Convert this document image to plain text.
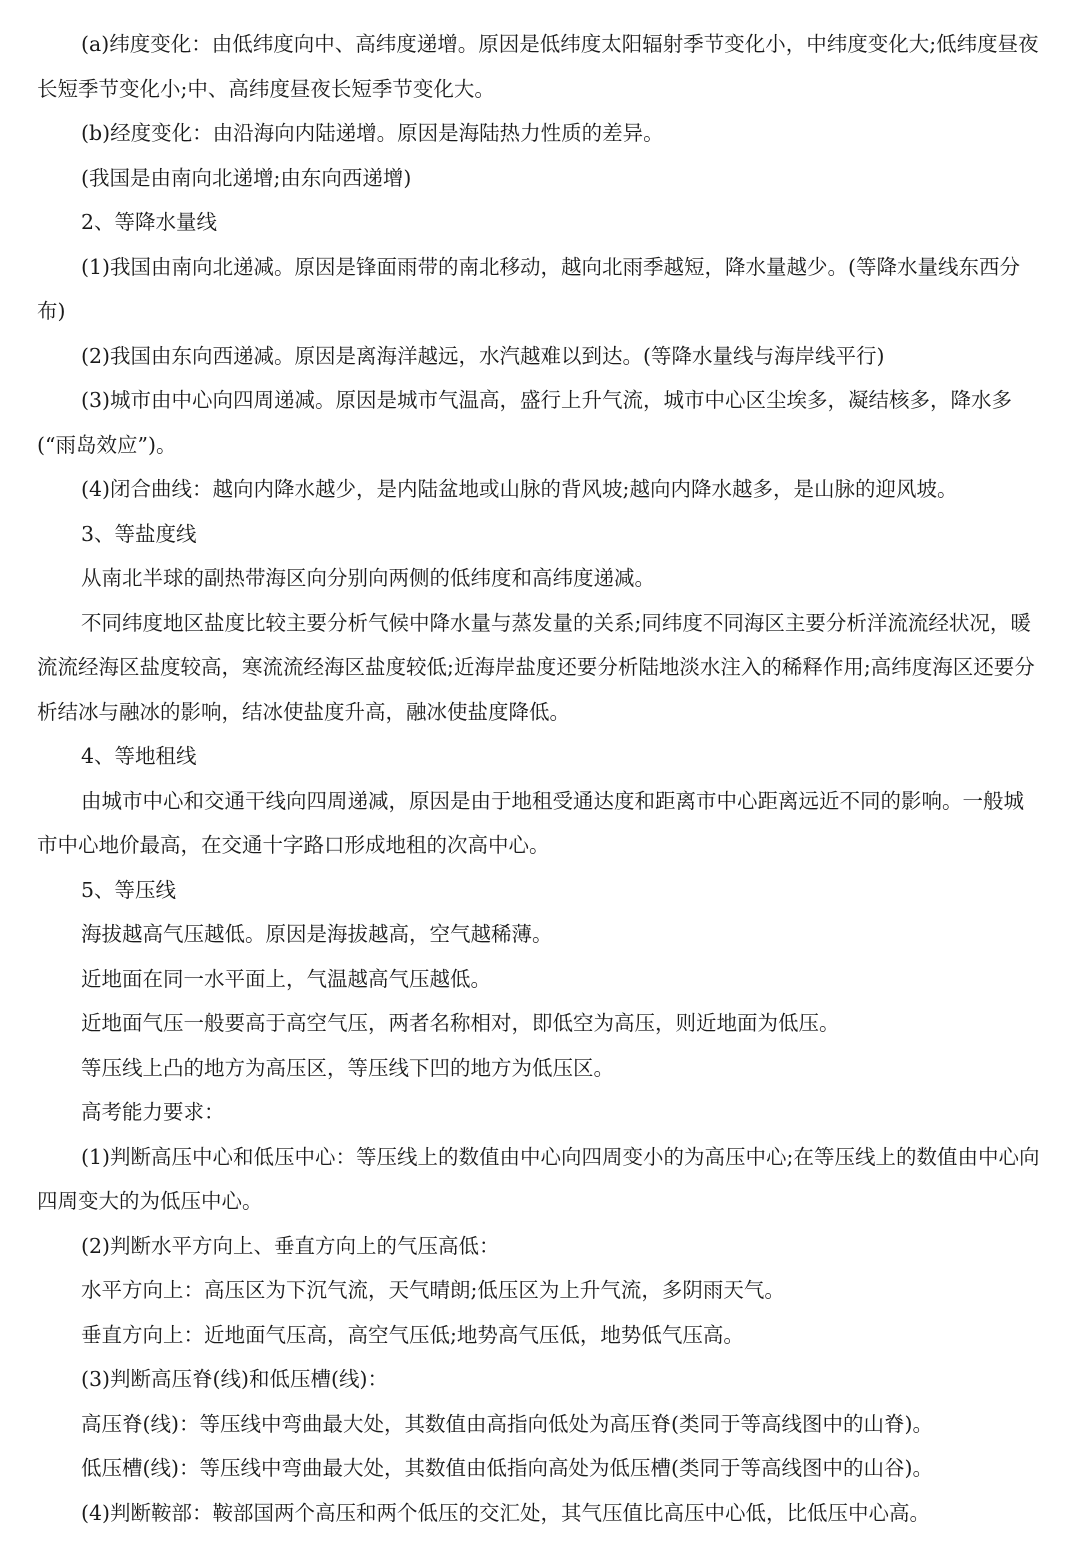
(a)纬度变化：由低纬度向中、高纬度递增。原因是低纬度太阳辐射季节变化小，中纬度变化大;低纬度昼夜长短季节变化小;中、高纬度昼夜长短季节变化大。

(b)经度变化：由沿海向内陆递增。原因是海陆热力性质的差异。

(我国是由南向北递增;由东向西递增)

2、等降水量线

(1)我国由南向北递减。原因是锋面雨带的南北移动，越向北雨季越短，降水量越少。(等降水量线东西分布)

(2)我国由东向西递减。原因是离海洋越远，水汽越难以到达。(等降水量线与海岸线平行)

(3)城市由中心向四周递减。原因是城市气温高，盛行上升气流，城市中心区尘埃多，凝结核多，降水多(“雨岛效应”)。

(4)闭合曲线：越向内降水越少，是内陆盆地或山脉的背风坡;越向内降水越多，是山脉的迎风坡。

3、等盐度线

从南北半球的副热带海区向分别向两侧的低纬度和高纬度递减。

不同纬度地区盐度比较主要分析气候中降水量与蒸发量的关系;同纬度不同海区主要分析洋流流经状况，暖流流经海区盐度较高，寒流流经海区盐度较低;近海岸盐度还要分析陆地淡水注入的稀释作用;高纬度海区还要分析结冰与融冰的影响，结冰使盐度升高，融冰使盐度降低。

4、等地租线

由城市中心和交通干线向四周递减，原因是由于地租受通达度和距离市中心距离远近不同的影响。一般城市中心地价最高，在交通十字路口形成地租的次高中心。

5、等压线

海拔越高气压越低。原因是海拔越高，空气越稀薄。

近地面在同一水平面上，气温越高气压越低。

近地面气压一般要高于高空气压，两者名称相对，即低空为高压，则近地面为低压。

等压线上凸的地方为高压区，等压线下凹的地方为低压区。

高考能力要求：

(1)判断高压中心和低压中心：等压线上的数值由中心向四周变小的为高压中心;在等压线上的数值由中心向四周变大的为低压中心。

(2)判断水平方向上、垂直方向上的气压高低：

水平方向上：高压区为下沉气流，天气晴朗;低压区为上升气流，多阴雨天气。

垂直方向上：近地面气压高，高空气压低;地势高气压低，地势低气压高。

(3)判断高压脊(线)和低压槽(线)：

高压脊(线)：等压线中弯曲最大处，其数值由高指向低处为高压脊(类同于等高线图中的山脊)。

低压槽(线)：等压线中弯曲最大处，其数值由低指向高处为低压槽(类同于等高线图中的山谷)。

(4)判断鞍部：鞍部国两个高压和两个低压的交汇处，其气压值比高压中心低，比低压中心高。
